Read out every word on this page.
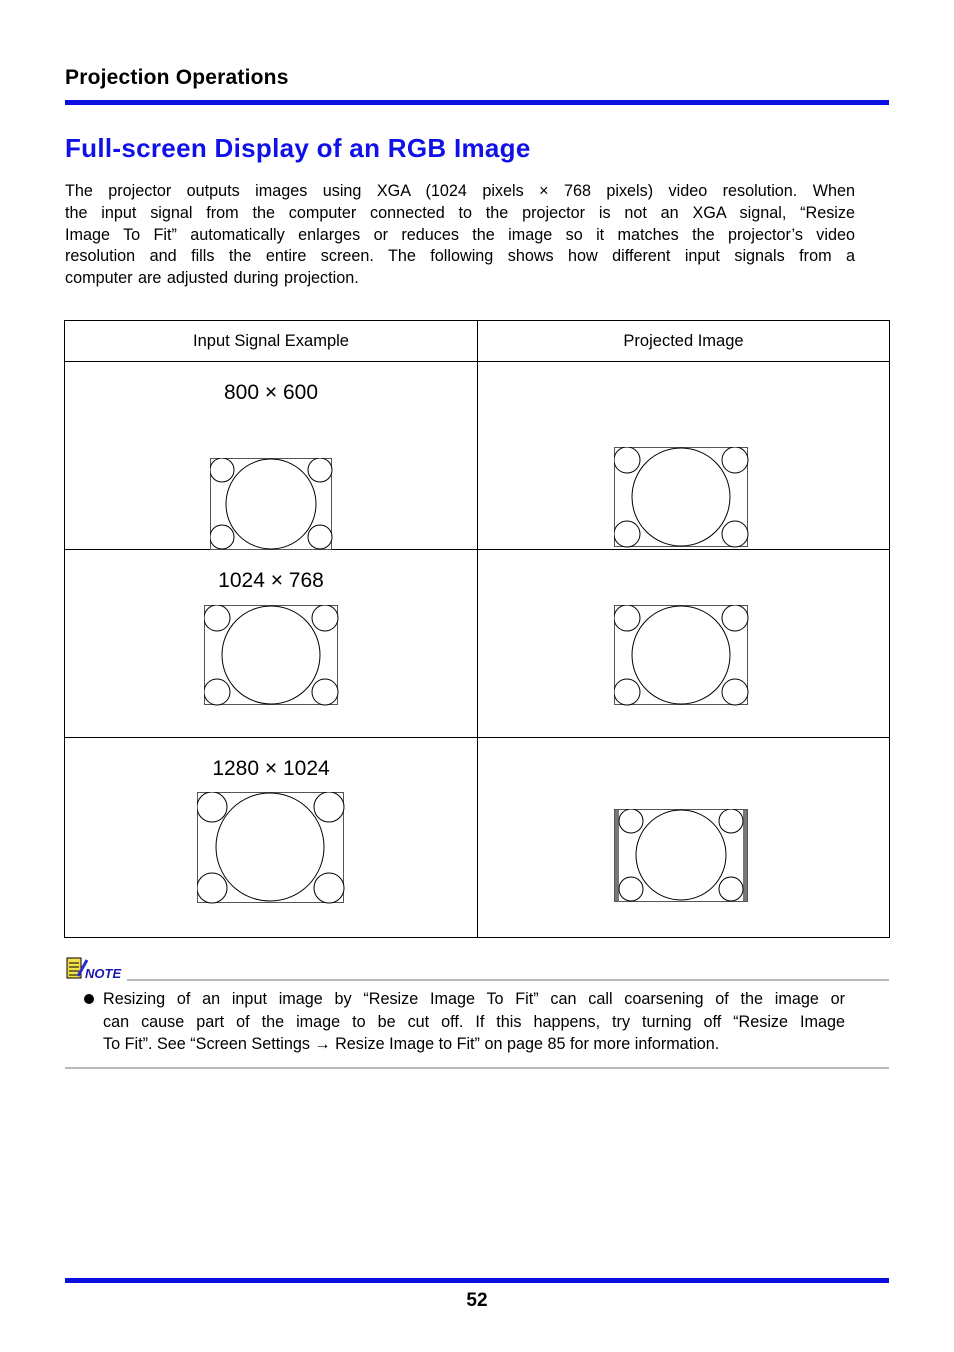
Projection Operations
Full-screen Display of an RGB Image
The projector outputs images using XGA (1024 pixels × 768 pixels) video resolution. When
the input signal from the computer connected to the projector is not an XGA signal, “Resize
Image To Fit” automatically enlarges or reduces the image so it matches the projector’s video
resolution and fills the entire screen. The following shows how different input signals from a
computer are adjusted during projection.
Input Signal Example	Projected Image

800 × 600

1024 × 768

1280 × 1024

NOTE
Resizing of an input image by “Resize Image To Fit” can call coarsening of the image or
can cause part of the image to be cut off. If this happens, try turning off “Resize Image
To Fit”. See “Screen Settings → Resize Image to Fit” on page 85 for more information.
52
